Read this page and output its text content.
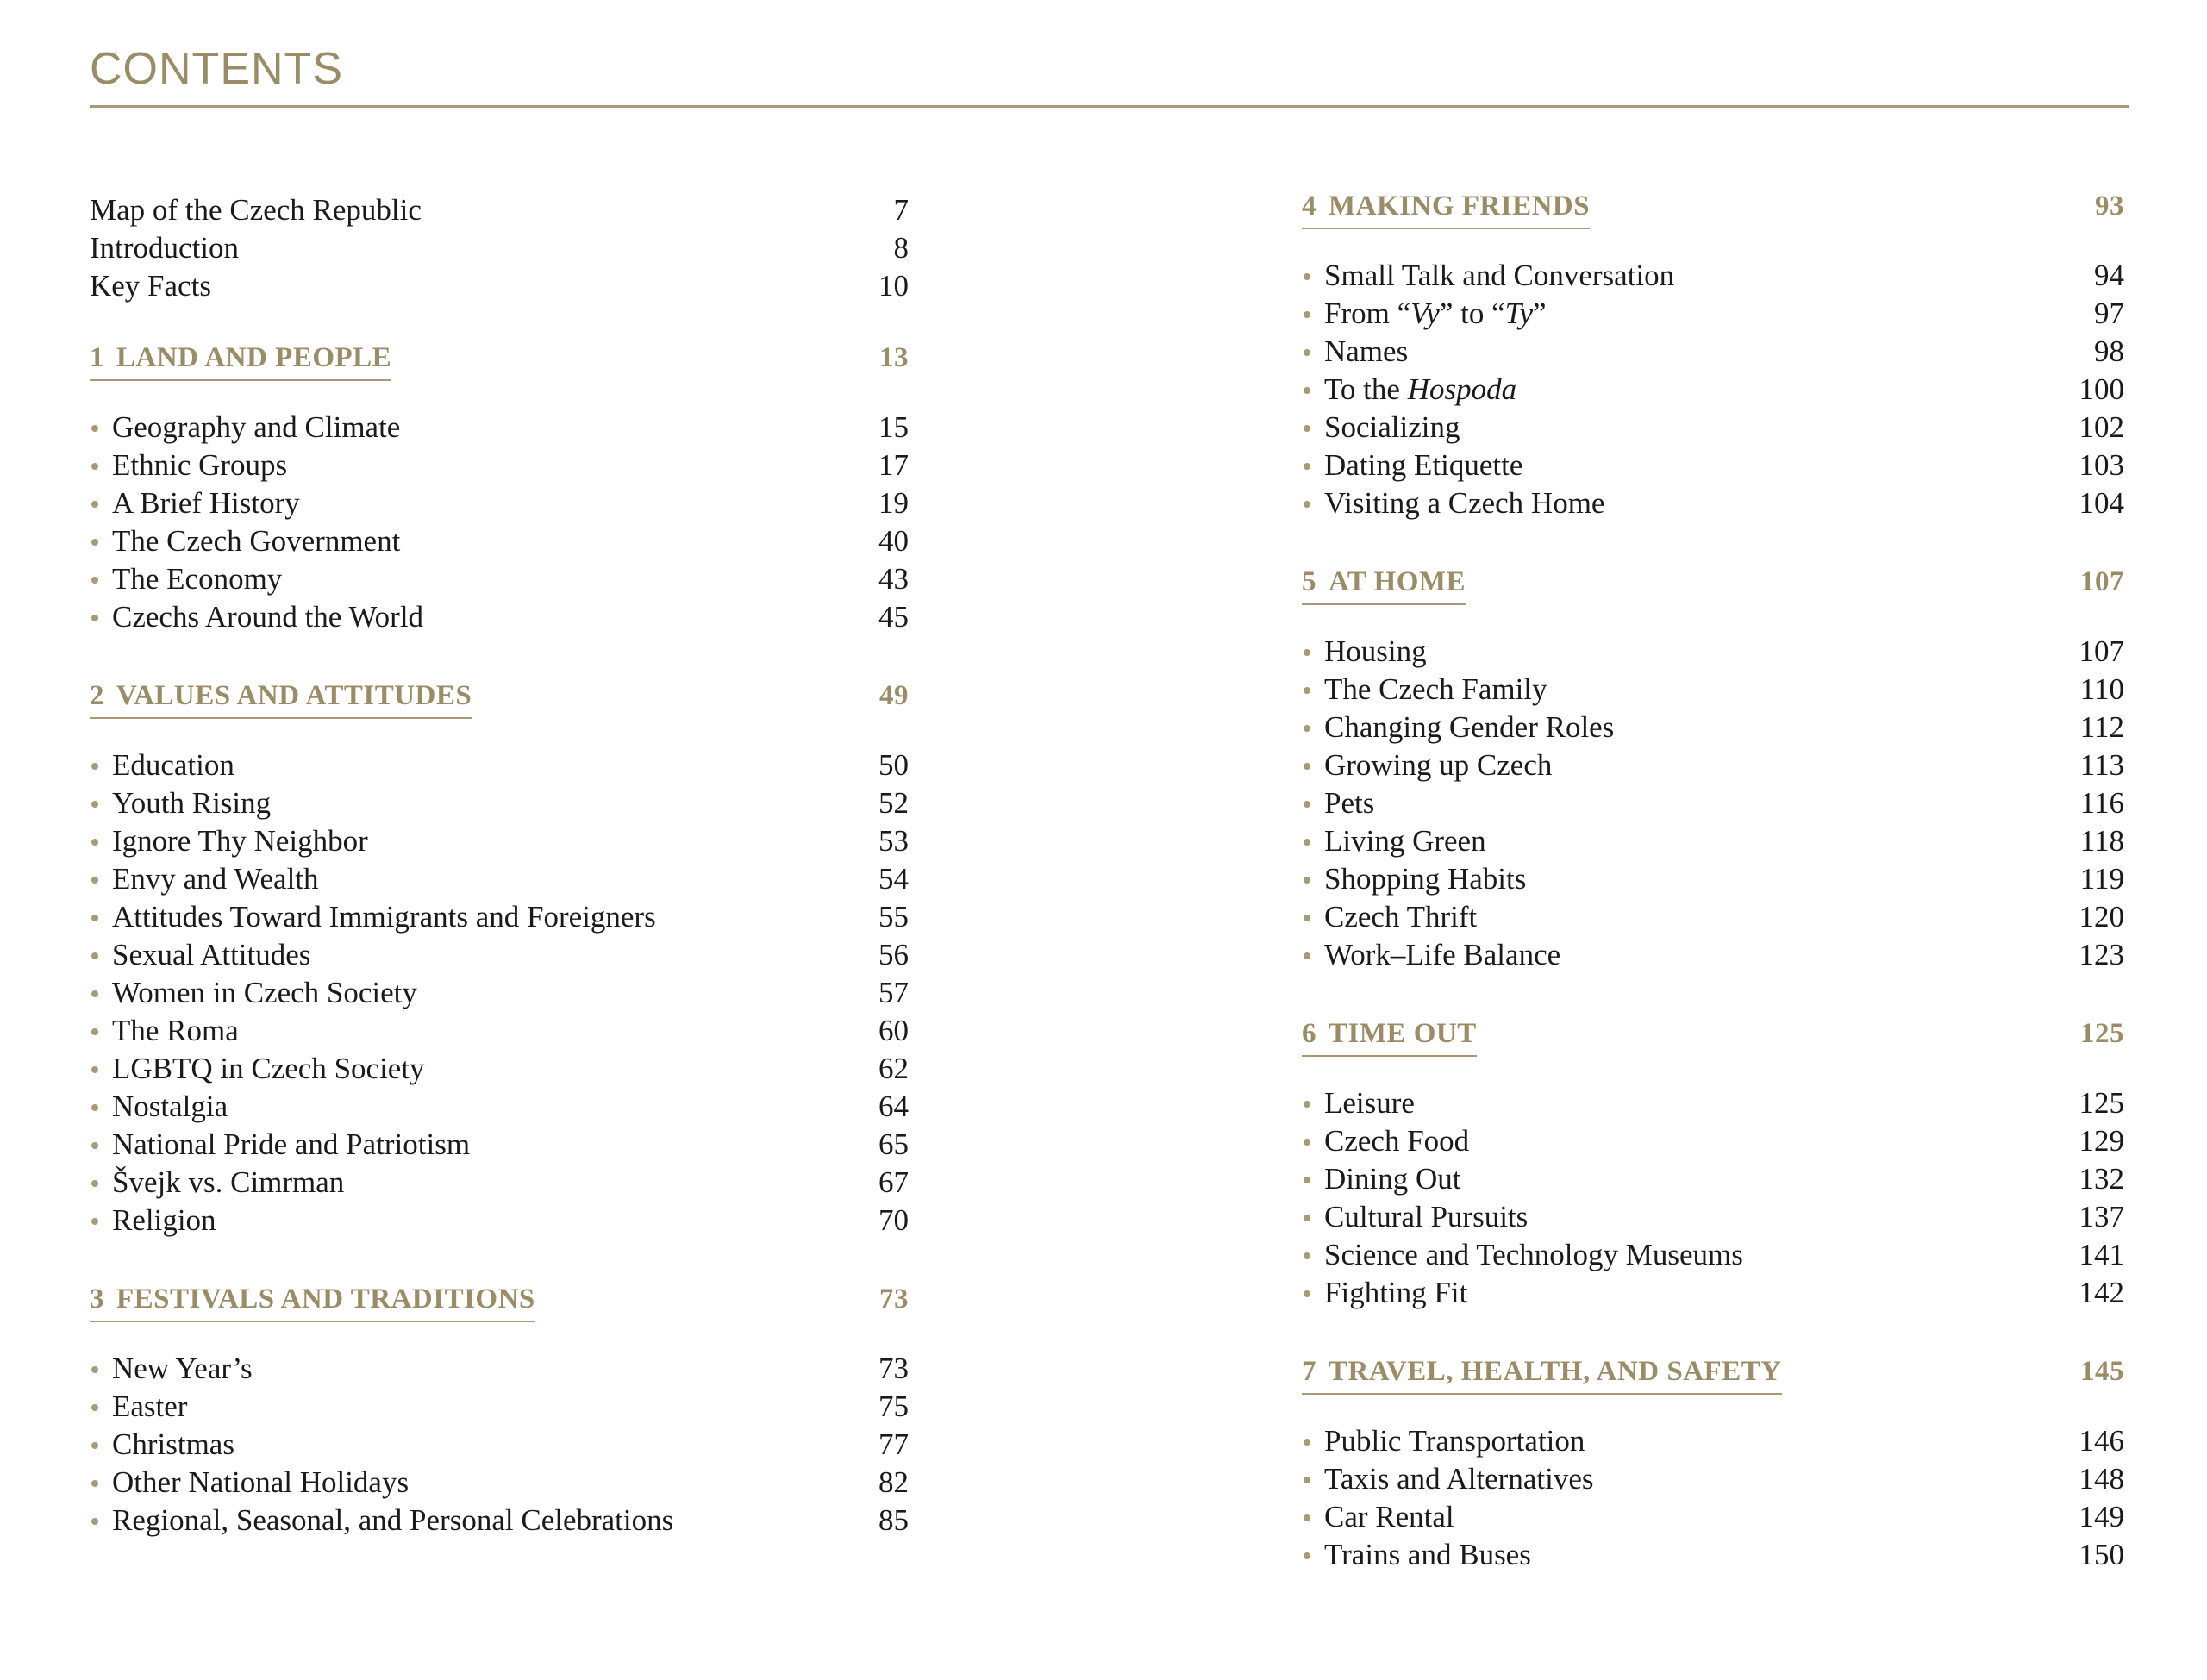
CONTENTS
Map of the Czech Republic	7
Introduction	8
Key Facts	10
1 LAND AND PEOPLE	13
Geography and Climate	15
Ethnic Groups	17
A Brief History	19
The Czech Government	40
The Economy	43
Czechs Around the World	45
2 VALUES AND ATTITUDES	49
Education	50
Youth Rising	52
Ignore Thy Neighbor	53
Envy and Wealth	54
Attitudes Toward Immigrants and Foreigners	55
Sexual Attitudes	56
Women in Czech Society	57
The Roma	60
LGBTQ in Czech Society	62
Nostalgia	64
National Pride and Patriotism	65
Švejk vs. Cimrman	67
Religion	70
3 FESTIVALS AND TRADITIONS	73
New Year’s	73
Easter	75
Christmas	77
Other National Holidays	82
Regional, Seasonal, and Personal Celebrations	85
4 MAKING FRIENDS	93
Small Talk and Conversation	94
From “Vy” to “Ty”	97
Names	98
To the Hospoda	100
Socializing	102
Dating Etiquette	103
Visiting a Czech Home	104
5 AT HOME	107
Housing	107
The Czech Family	110
Changing Gender Roles	112
Growing up Czech	113
Pets	116
Living Green	118
Shopping Habits	119
Czech Thrift	120
Work–Life Balance	123
6 TIME OUT	125
Leisure	125
Czech Food	129
Dining Out	132
Cultural Pursuits	137
Science and Technology Museums	141
Fighting Fit	142
7 TRAVEL, HEALTH, AND SAFETY	145
Public Transportation	146
Taxis and Alternatives	148
Car Rental	149
Trains and Buses	150
